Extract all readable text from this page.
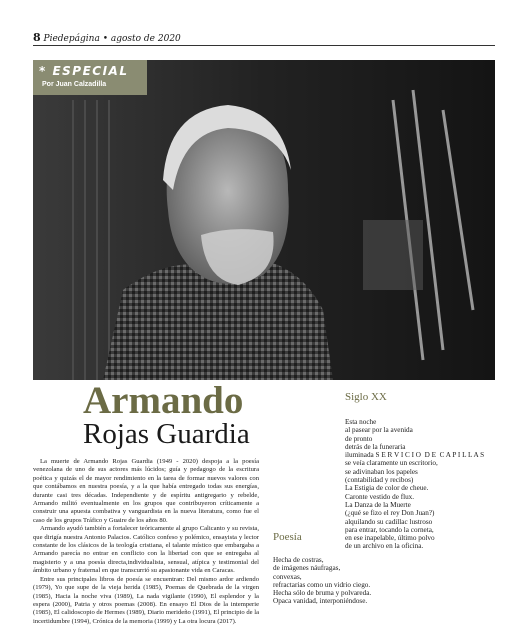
8 Piedepágina • agosto de 2020
* ESPECIAL
Por Juan Calzadilla
Armando
Rojas Guardia

La muerte de Armando Rojas Guardia (1949 - 2020) despoja a la poesía venezolana de uno de sus actores más lúcidos; guía y pedagogo de la escritura poética y quizás el de mayor rendimiento en la tarea de formar nuevos valores con que contábamos en nuestra poesía, y a la que había entregado todas sus energías, durante casi tres décadas. Independiente y de espíritu antigregario y rebelde, Armando militó eventualmente en los grupos que contribuyeron críticamente a construir una apuesta combativa y vanguardista en la nueva literatura, como fue el caso de los grupos Tráfico y Guaire de los años 80.

Armando ayudó también a fortalecer teóricamente al grupo Calicanto y su revista, que dirigía nuestra Antonio Palacios. Católico confeso y polémico, ensayista y lector constante de los clásicos de la teología cristiana, el talante místico que embargaba a Armando parecía no entrar en conflicto con la libertad con que se entregaba al magisterio y a una poesía directa,individualista, sensual, atípica y testimonial del ámbito urbano y fraternal en que transcurrió su apasionante vida en Caracas.

Entre sus principales libros de poesía se encuentran: Del mismo ardor ardiendo (1979), Yo que supe de la vieja herida (1985), Poemas de Quebrada de la virgen (1985), Hacia la noche viva (1989), La nada vigilante (1990), El esplendor y la espera (2000), Patria y otros poemas (2008). En ensayo El Dios de la intemperie (1985), El calidoscopio de Hermes (1989), Diario merideño (1991), El principio de la incertidumbre (1994), Crónica de la memoria (1999) y La otra locura (2017).

Siglo XX
Esta noche
al pasear por la avenida
de pronto
detrás de la funeraria
iluminada S E R V I C I O  D E  C A P I L L A S
se veía claramente un escritorio,
se adivinaban los papeles
(contabilidad y recibos)
La Estigia de color de cheue.
Caronte vestido de flux.
La Danza de la Muerte
(¿qué se fizo el rey Don Juan?)
alquilando su cadillac lustroso
para entrar, tocando la corneta,
en ese inapelable, último polvo
de un archivo en la oficina.
Poesía
Hecha de costras,
de imágenes náufragas,
convexas,
refractarias como un vidrio ciego.
Hecha sólo de bruma y polvareda.
Opaca vanidad, interponiéndose.
